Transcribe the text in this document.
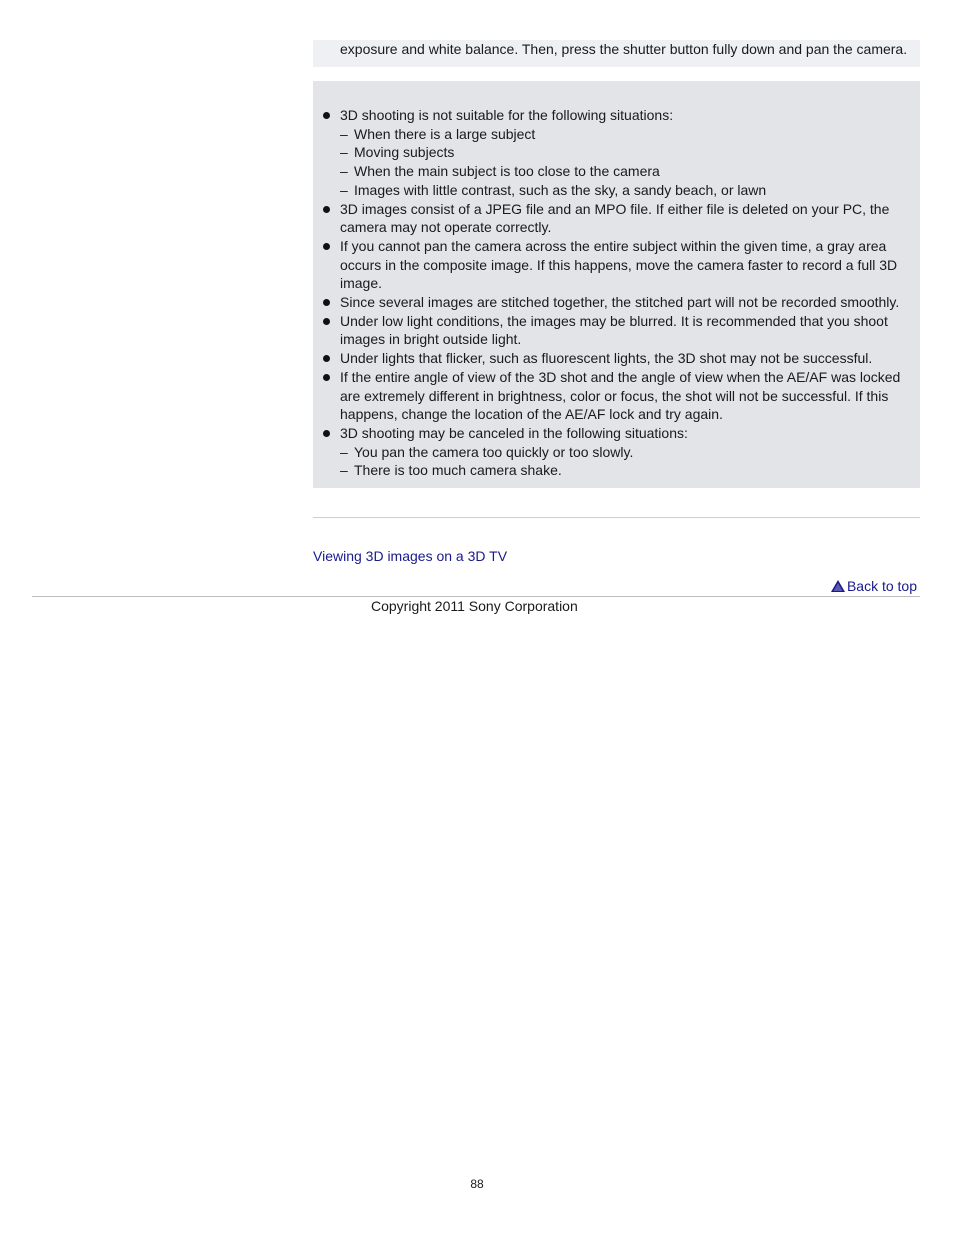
exposure and white balance. Then, press the shutter button fully down and pan the camera.
3D shooting is not suitable for the following situations:
– When there is a large subject
– Moving subjects
– When the main subject is too close to the camera
– Images with little contrast, such as the sky, a sandy beach, or lawn
3D images consist of a JPEG file and an MPO file. If either file is deleted on your PC, the camera may not operate correctly.
If you cannot pan the camera across the entire subject within the given time, a gray area occurs in the composite image. If this happens, move the camera faster to record a full 3D image.
Since several images are stitched together, the stitched part will not be recorded smoothly.
Under low light conditions, the images may be blurred. It is recommended that you shoot images in bright outside light.
Under lights that flicker, such as fluorescent lights, the 3D shot may not be successful.
If the entire angle of view of the 3D shot and the angle of view when the AE/AF was locked are extremely different in brightness, color or focus, the shot will not be successful. If this happens, change the location of the AE/AF lock and try again.
3D shooting may be canceled in the following situations:
– You pan the camera too quickly or too slowly.
– There is too much camera shake.
Viewing 3D images on a 3D TV
Back to top
Copyright 2011 Sony Corporation
88
